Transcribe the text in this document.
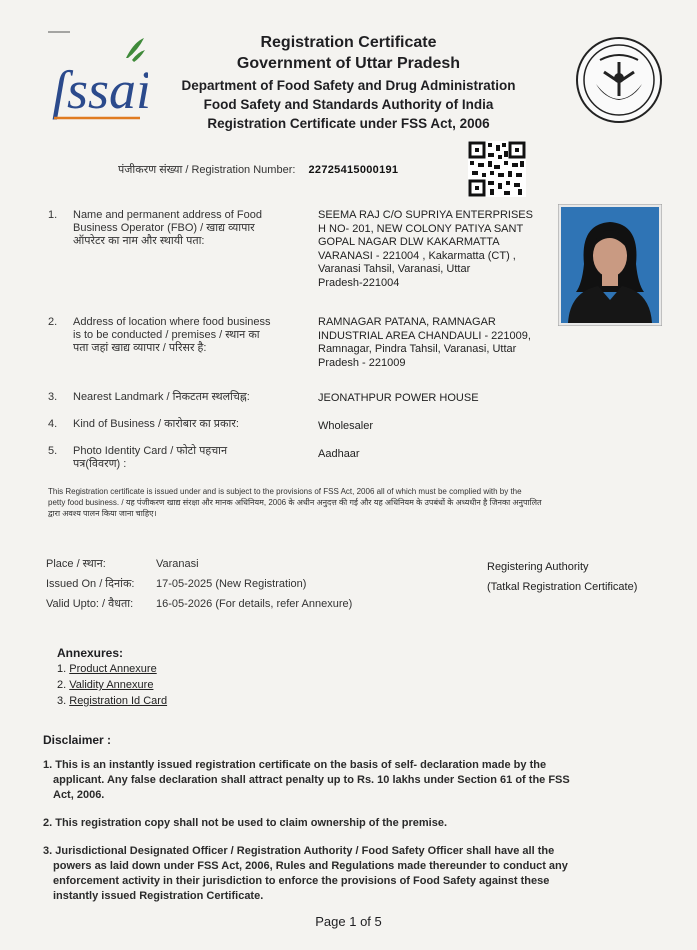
ſssai
Registration Certificate
Government of Uttar Pradesh
Department of Food Safety and Drug Administration
Food Safety and Standards Authority of India
Registration Certificate under FSS Act, 2006
पंजीकरण संख्या / Registration Number: 22725415000191
1. Name and permanent address of Food
Business Operator (FBO) / खाद्य व्यापार
ऑपरेटर का नाम और स्थायी पता:
SEEMA RAJ C/O SUPRIYA ENTERPRISES
H NO- 201, NEW COLONY PATIYA SANT
GOPAL NAGAR DLW KAKARMATTA
VARANASI - 221004 , Kakarmatta (CT) ,
Varanasi Tahsil, Varanasi, Uttar
Pradesh-221004
2. Address of location where food business
is to be conducted / premises / स्थान का
पता जहां खाद्य व्यापार / परिसर है:
RAMNAGAR PATANA, RAMNAGAR
INDUSTRIAL AREA CHANDAULI - 221009,
Ramnagar, Pindra Tahsil, Varanasi, Uttar
Pradesh - 221009
3. Nearest Landmark / निकटतम स्थलचिह्न:	JEONATHPUR POWER HOUSE
4. Kind of Business / कारोबार का प्रकार:	Wholesaler
5. Photo Identity Card / फोटो पहचान
पत्र(विवरण) :
Aadhaar
This Registration certificate is issued under and is subject to the provisions of FSS Act, 2006 all of which must be complied with by the
petty food business. / यह पंजीकरण खाद्य संरक्षा और मानक अधिनियम, 2006 के अधीन अनुदत्त की गई और यह अधिनियम के उपबंधों के अध्यधीन है जिनका अनुपालित
द्वारा अवश्य पालन किया जाना चाहिए।
Place / स्थान:
Issued On / दिनांक:
Valid Upto: / वैधता:
Varanasi
17-05-2025 (New Registration)
16-05-2026 (For details, refer Annexure)
Registering Authority
(Tatkal Registration Certificate)
Annexures:
1. Product Annexure
2. Validity Annexure
3. Registration Id Card
Disclaimer :
1. This is an instantly issued registration certificate on the basis of self- declaration made by the
applicant. Any false declaration shall attract penalty up to Rs. 10 lakhs under Section 61 of the FSS
Act, 2006.
2. This registration copy shall not be used to claim ownership of the premise.
3. Jurisdictional Designated Officer / Registration Authority / Food Safety Officer shall have all the
powers as laid down under FSS Act, 2006, Rules and Regulations made thereunder to conduct any
enforcement activity in their jurisdiction to enforce the provisions of Food Safety against these
instantly issued Registration Certificate.
Page 1 of 5
